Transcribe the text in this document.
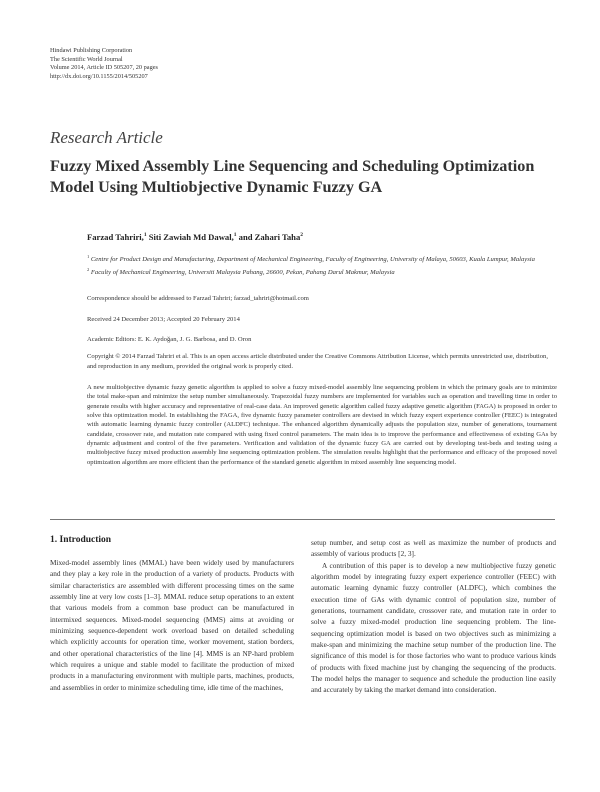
Hindawi Publishing Corporation
The Scientific World Journal
Volume 2014, Article ID 505207, 20 pages
http://dx.doi.org/10.1155/2014/505207
Research Article
Fuzzy Mixed Assembly Line Sequencing and Scheduling Optimization Model Using Multiobjective Dynamic Fuzzy GA
Farzad Tahriri,$^1$ Siti Zawiah Md Dawal,$^1$ and Zahari Taha$^2$

$^1$ Centre for Product Design and Manufacturing, Department of Mechanical Engineering, Faculty of Engineering, University of Malaya, 50603, Kuala Lumpur, Malaysia

$^2$ Faculty of Mechanical Engineering, Universiti Malaysia Pahang, 26600, Pekan, Pahang Darul Makmur, Malaysia

Correspondence should be addressed to Farzad Tahriri; farzad_tahriri@hotmail.com
Received 24 December 2013; Accepted 20 February 2014
Academic Editors: E. K. Aydoğan, J. G. Barbosa, and D. Oron
Copyright © 2014 Farzad Tahriri et al. This is an open access article distributed under the Creative Commons Attribution License, which permits unrestricted use, distribution, and reproduction in any medium, provided the original work is properly cited.
A new multiobjective dynamic fuzzy genetic algorithm is applied to solve a fuzzy mixed-model assembly line sequencing problem in which the primary goals are to minimize the total make-span and minimize the setup number simultaneously. Trapezoidal fuzzy numbers are implemented for variables such as operation and travelling time in order to generate results with higher accuracy and representative of real-case data. An improved genetic algorithm called fuzzy adaptive genetic algorithm (FAGA) is proposed in order to solve this optimization model. In establishing the FAGA, five dynamic fuzzy parameter controllers are devised in which fuzzy expert experience controller (FEEC) is integrated with automatic learning dynamic fuzzy controller (ALDFC) technique. The enhanced algorithm dynamically adjusts the population size, number of generations, tournament candidate, crossover rate, and mutation rate compared with using fixed control parameters. The main idea is to improve the performance and effectiveness of existing GAs by dynamic adjustment and control of the five parameters. Verification and validation of the dynamic fuzzy GA are carried out by developing test-beds and testing using a multiobjective fuzzy mixed production assembly line sequencing optimization problem. The simulation results highlight that the performance and efficacy of the proposed novel optimization algorithm are more efficient than the performance of the standard genetic algorithm in mixed assembly line sequencing model.
1. Introduction

Mixed-model assembly lines (MMAL) have been widely used by manufacturers and they play a key role in the production of a variety of products. Products with similar characteristics are assembled with different processing times on the same assembly line at very low costs [1–3]. MMAL reduce setup operations to an extent that various models from a common base product can be manufactured in intermixed sequences. Mixed-model sequencing (MMS) aims at avoiding or minimizing sequence-dependent work overload based on detailed scheduling which explicitly accounts for operation time, worker movement, station borders, and other operational characteristics of the line [4]. MMS is an NP-hard problem which requires a unique and stable model to facilitate the production of mixed products in a manufacturing environment with multiple parts, machines, products, and assemblies in order to minimize scheduling time, idle time of the machines,

setup number, and setup cost as well as maximize the number of products and assembly of various products [2, 3].

A contribution of this paper is to develop a new multiobjective fuzzy genetic algorithm model by integrating fuzzy expert experience controller (FEEC) with automatic learning dynamic fuzzy controller (ALDFC), which combines the execution time of GAs with dynamic control of population size, number of generations, tournament candidate, crossover rate, and mutation rate in order to solve a fuzzy mixed-model production line sequencing problem. The line-sequencing optimization model is based on two objectives such as minimizing a make-span and minimizing the machine setup number of the production line. The significance of this model is for those factories who want to produce various kinds of products with fixed machine just by changing the sequencing of the products. The model helps the manager to sequence and schedule the production line easily and accurately by taking the market demand into consideration.
